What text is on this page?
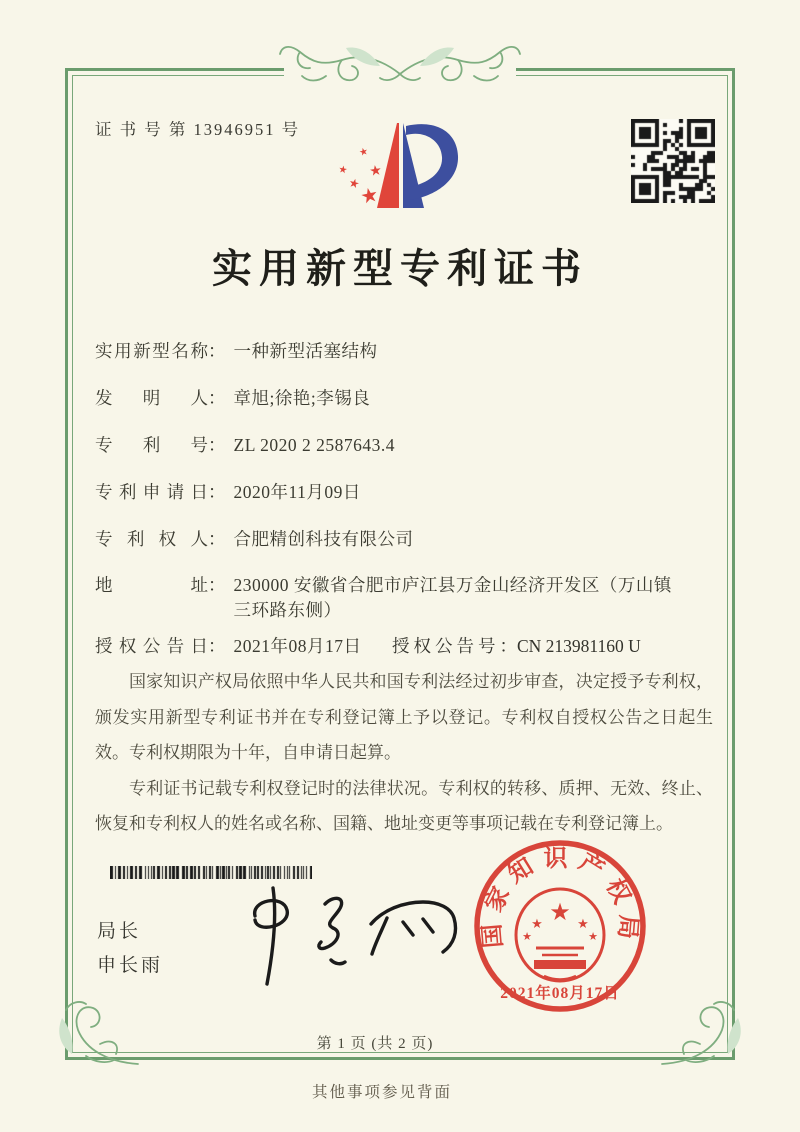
证 书 号 第 13946951 号
★
★
★
★
★
实用新型专利证书
实 用 新 型 名 称 ： 一种新型活塞结构
发 明 人 ： 章旭;徐艳;李锡良
专 利 号 ： ZL 2020 2 2587643.4
专 利 申 请 日 ： 2020年11月09日
专 利 权 人 ： 合肥精创科技有限公司
地	址 ： 230000 安徽省合肥市庐江县万金山经济开发区（万山镇
三环路东侧）
授 权 公 告 日 ： 2021年08月17日	授权公告号：CN 213981160 U

国家知识产权局依照中华人民共和国专利法经过初步审查，决定授予专利权，颁发实用新型专利证书并在专利登记簿上予以登记。专利权自授权公告之日起生效。专利权期限为十年，自申请日起算。

专利证书记载专利权登记时的法律状况。专利权的转移、质押、无效、终止、恢复和专利权人的姓名或名称、国籍、地址变更等事项记载在专利登记簿上。

局长
申长雨
国家知识产权局
★
★	★
★	★
2021年08月17日
第 1 页 (共 2 页)
其他事项参见背面
